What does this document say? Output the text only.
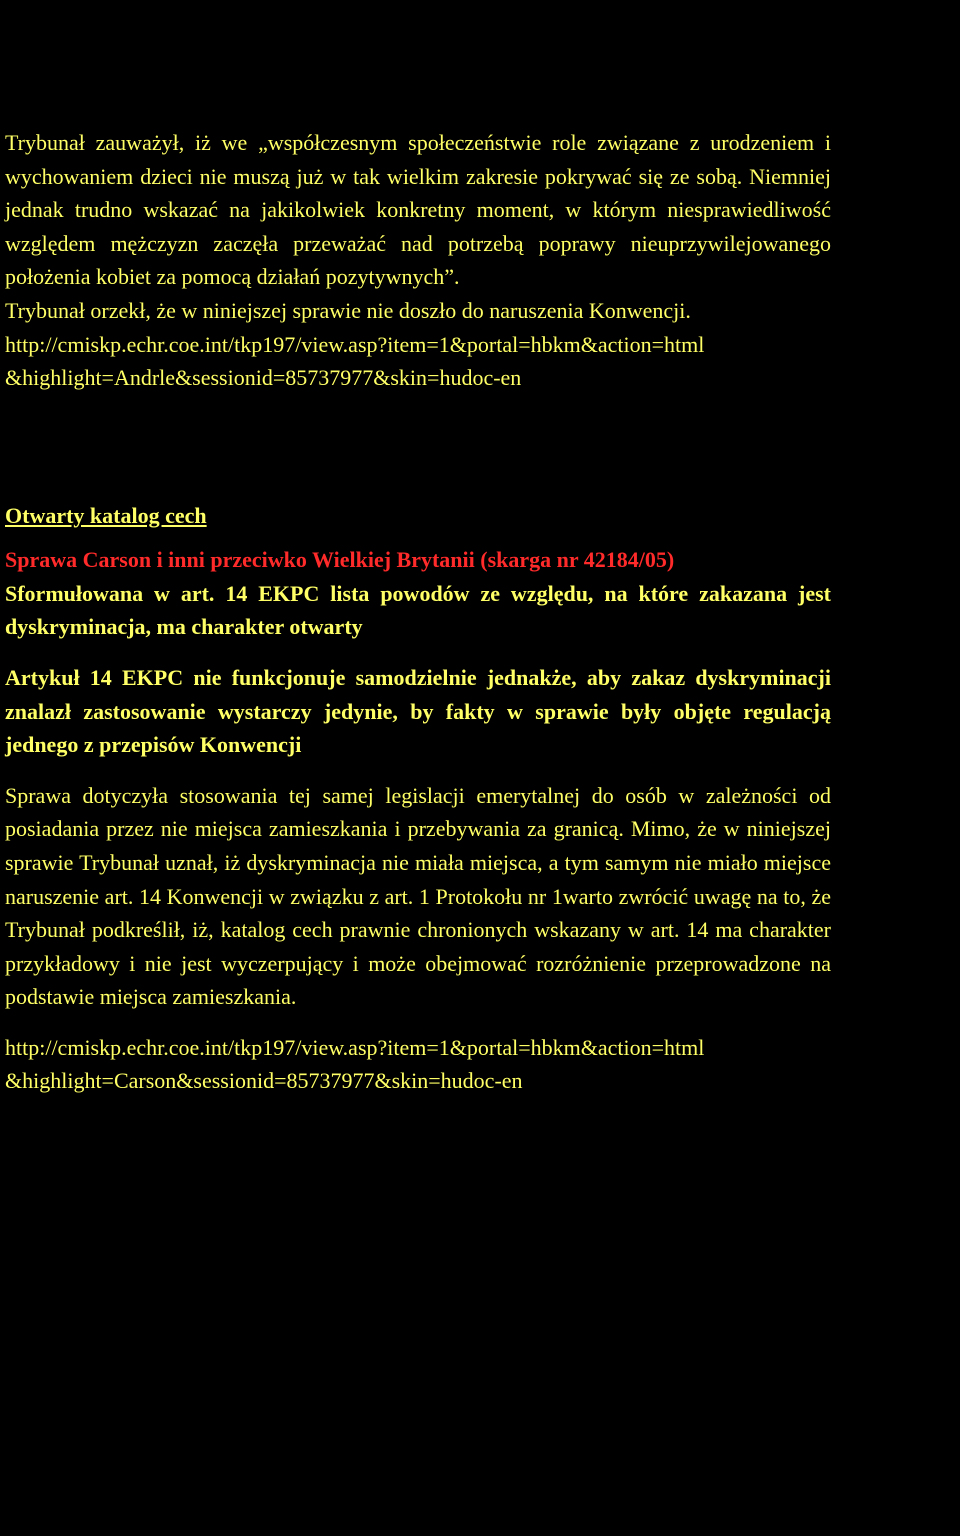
Trybunał zauważył, iż we „współczesnym społeczeństwie role związane z urodzeniem i wychowaniem dzieci nie muszą już w tak wielkim zakresie pokrywać się ze sobą. Niemniej jednak trudno wskazać na jakikolwiek konkretny moment, w którym niesprawiedliwość względem mężczyzn zaczęła przeważać nad potrzebą poprawy nieuprzywilejowanego położenia kobiet za pomocą działań pozytywnych”.

Trybunał orzekł, że w niniejszej sprawie nie doszło do naruszenia Konwencji.

http://cmiskp.echr.coe.int/tkp197/view.asp?item=1&portal=hbkm&action=html
&highlight=Andrle&sessionid=85737977&skin=hudoc-en
Otwarty katalog cech
Sprawa Carson i inni przeciwko Wielkiej Brytanii (skarga nr 42184/05)

Sformułowana w art. 14 EKPC lista powodów ze względu, na które zakazana jest dyskryminacja, ma charakter otwarty

Artykuł 14 EKPC nie funkcjonuje samodzielnie jednakże, aby zakaz dyskryminacji znalazł zastosowanie wystarczy jedynie, by fakty w sprawie były objęte regulacją jednego z przepisów Konwencji

Sprawa dotyczyła stosowania tej samej legislacji emerytalnej do osób w zależności od posiadania przez nie miejsca zamieszkania i przebywania za granicą. Mimo, że w niniejszej sprawie Trybunał uznał, iż dyskryminacja nie miała miejsca, a tym samym nie miało miejsce naruszenie art. 14 Konwencji w związku z art. 1 Protokołu nr 1warto zwrócić uwagę na to, że Trybunał podkreślił, iż, katalog cech prawnie chronionych wskazany w art. 14 ma charakter przykładowy i nie jest wyczerpujący i może obejmować rozróżnienie przeprowadzone na podstawie miejsca zamieszkania.

http://cmiskp.echr.coe.int/tkp197/view.asp?item=1&portal=hbkm&action=html
&highlight=Carson&sessionid=85737977&skin=hudoc-en
